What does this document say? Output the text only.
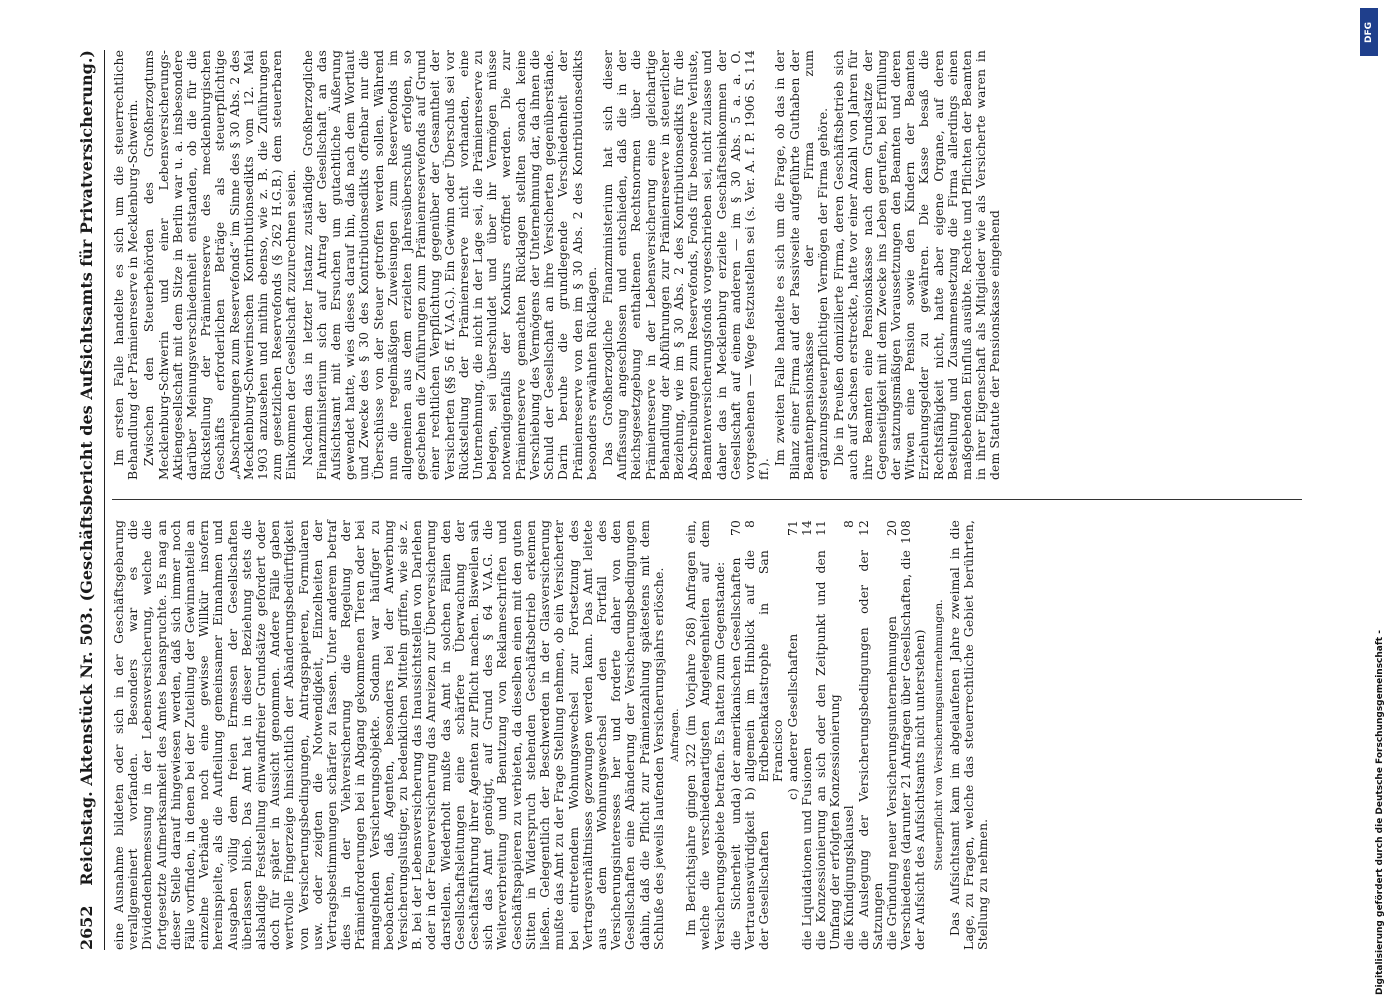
2652
Reichstag. Aktenstück Nr. 503. (Geschäftsbericht des Aufsichtsamts für Privatversicherung.) eine Ausnahme bildeten oder sich in der Geschäftsgebarung verallgemeinert vorfanden. Besonders war es die Dividendenbemessung in der Lebensversicherung, welche die fortgesetzte Aufmerksamkeit des Amtes beanspruchte. Es mag an dieser Stelle darauf hingewiesen werden, daß sich immer noch Fälle vorfinden, in denen bei der Zuteilung der Gewinnanteile an einzelne Verbände noch eine gewisse Willkür insofern hereinspielte, als die Aufteilung gemeinsamer Einnahmen und Ausgaben völlig dem freien Ermessen der Gesellschaften überlassen blieb. Das Amt hat in dieser Beziehung stets die alsbaldige Feststellung einwandfreier Grundsätze gefordert oder doch für später in Aussicht genommen. Andere Fälle gaben wertvolle Fingerzeige hinsichtlich der Abänderungsbedürftigkeit von Versicherungsbedingungen, Antragspapieren, Formularen usw. oder zeigten die Notwendigkeit, Einzelheiten der Vertragsbestimmungen schärfer zu fassen. Unter anderem betraf dies in der Viehversicherung die Regelung der Prämienforderungen bei in Abgang gekommenen Tieren oder bei mangelnden Versicherungsobjekte. Sodann war häufiger zu beobachten, daß Agenten, besonders bei der Anwerbung Versicherungslustiger, zu bedenklichen Mitteln griffen, wie sie z. B. bei der Lebensversicherung das Inaussichtstellen von Darlehen oder in der Feuerversicherung das Anreizen zur Überversicherung darstellen. Wiederholt mußte das Amt in solchen Fällen den Gesellschaftsleitungen eine schärfere Überwachung der Geschäftsführung ihrer Agenten zur Pflicht machen. Bisweilen sah sich das Amt genötigt, auf Grund des § 64 V.A.G. die Weiterverbreitung und Benutzung von Reklameschriften und Geschäftspapieren zu verbieten, da dieselben einen mit den guten Sitten in Widerspruch stehenden Geschäftsbetrieb erkennen ließen. Gelegentlich der Beschwerden in der Glasversicherung mußte das Amt zu der Frage Stellung nehmen, ob ein Versicherter bei eintretendem Wohnungswechsel zur Fortsetzung des Vertragsverhältnisses gezwungen werden kann. Das Amt leitete aus dem Wohnungswechsel den Fortfall des Versicherungsinteresses her und forderte daher von den Gesellschaften eine Abänderung der Versicherungsbedingungen dahin, daß die Pflicht zur Prämienzahlung spätestens mit dem Schluße des jeweils laufenden Versicherungsjahrs erlösche. Anfragen. Im Berichtsjahre gingen 322 (im Vorjahre 268) Anfragen ein, welche die verschiedenartigsten Angelegenheiten auf dem Versicherungsgebiete betrafen. Es hatten zum Gegenstande: die Sicherheit und Vertrauenswürdigkeit der Gesellschaften
a)
der amerikanischen Gesellschaften
70
b)
allgemein im Hinblick auf die Erdbebenkatastrophe in San Francisco
8
c)
anderer Gesellschaften
71
die Liquidationen und Fusionen
14
die Konzessionierung an sich oder den Zeitpunkt und den Umfang der erfolgten Konzessionierung
11
die Kündigungsklausel
8
die Auslegung der Versicherungsbedingungen oder der Satzungen
12
die Gründung neuer Versicherungsunternehmungen
20
Verschiedenes (darunter 21 Anfragen über Gesellschaften, die der Aufsicht des Aufsichtsamts nicht unterstehen)
108

Steuerpflicht von Versicherungsunternehmungen. Das Aufsichtsamt kam im abgelaufenen Jahre zweimal in die Lage, zu Fragen, welche das steuerrechtliche Gebiet berührten, Stellung zu nehmen.

Im ersten Falle handelte es sich um die steuerrechtliche Behandlung der Prämienreserve in Mecklenburg-Schwerin. Zwischen den Steuerbehörden des Großherzogtums Mecklenburg-Schwerin und einer Lebensversicherungs-Aktiengesellschaft mit dem Sitze in Berlin war u. a. insbesondere darüber Meinungsverschiedenheit entstanden, ob die für die Rückstellung der Prämienreserve des mecklenburgischen Geschäfts erforderlichen Beträge als steuerpflichtige „Abschreibungen zum Reservefonds“ im Sinne des § 30 Abs. 2 des Mecklenburg-Schwerinschen Kontributionsedikts vom 12. Mai 1903 anzusehen und mithin ebenso, wie z. B. die Zuführungen zum gesetzlichen Reservefonds (§ 262 H.G.B.) dem steuerbaren Einkommen der Gesellschaft zuzurechnen seien. Nachdem das in letzter Instanz zuständige Großherzogliche Finanzministerium sich auf Antrag der Gesellschaft an das Aufsichtsamt mit dem Ersuchen um gutachtliche Äußerung gewendet hatte, wies dieses darauf hin, daß nach dem Wortlaut und Zwecke des § 30 des Kontributionsedikts offenbar nur die Überschüsse von der Steuer getroffen werden sollen. Während nun die regelmäßigen Zuweisungen zum Reservefonds im allgemeinen aus dem erzielten Jahresüberschuß erfolgen, so geschehen die Zuführungen zum Prämienreservefonds auf Grund einer rechtlichen Verpflichtung gegenüber der Gesamtheit der Versicherten (§§ 56 ff. V.A.G.). Ein Gewinn oder Überschuß sei vor Rückstellung der Prämienreserve nicht vorhanden, eine Unternehmung, die nicht in der Lage sei, die Prämienreserve zu belegen, sei überschuldet und über ihr Vermögen müsse notwendigenfalls der Konkurs eröffnet werden. Die zur Prämienreserve gemachten Rücklagen stellten sonach keine Verschiebung des Vermögens der Unternehmung dar, da ihnen die Schuld der Gesellschaft an ihre Versicherten gegenüberstände. Darin beruhe die grundlegende Verschiedenheit der Prämienreserve von den im § 30 Abs. 2 des Kontributionsedikts besonders erwähnten Rücklagen. Das Großherzogliche Finanzministerium hat sich dieser Auffassung angeschlossen und entschieden, daß die in der Reichsgesetzgebung enthaltenen Rechtsnormen über die Prämienreserve in der Lebensversicherung eine gleichartige Behandlung der Abführungen zur Prämienreserve in steuerlicher Beziehung, wie im § 30 Abs. 2 des Kontributionsedikts für die Abschreibungen zum Reservefonds, Fonds für besondere Verluste, Beamtenversicherungsfonds vorgeschrieben sei, nicht zulasse und daher das in Mecklenburg erzielte Geschäftseinkommen der Gesellschaft auf einem anderen — im § 30 Abs. 5 a. a. O. vorgesehenen — Wege festzustellen sei (s. Ver. A. f. P. 1906 S. 114 ff.).

Im zweiten Falle handelte es sich um die Frage, ob das in der Bilanz einer Firma auf der Passivseite aufgeführte Guthaben der Beamtenpensionskasse der Firma zum ergänzungssteuerpflichtigen Vermögen der Firma gehöre. Die in Preußen domizilierte Firma, deren Geschäftsbetrieb sich auch auf Sachsen erstreckte, hatte vor einer Anzahl von Jahren für ihre Beamten eine Pensionskasse nach dem Grundsatze der Gegenseitigkeit mit dem Zwecke ins Leben gerufen, bei Erfüllung der satzungsmäßigen Voraussetzungen den Beamten und deren Witwen eine Pension sowie den Kindern der Beamten Erziehungsgelder zu gewähren. Die Kasse besaß die Rechtsfähigkeit nicht, hatte aber eigene Organe, auf deren Bestellung und Zusammensetzung die Firma allerdings einen maßgebenden Einfluß ausübte. Rechte und Pflichten der Beamten in ihrer Eigenschaft als Mitglieder wie als Versicherte waren in dem Statute der Pensionskasse eingehend

Digitalisierung gefördert durch die Deutsche Forschungsgemeinschaft -
DFG
